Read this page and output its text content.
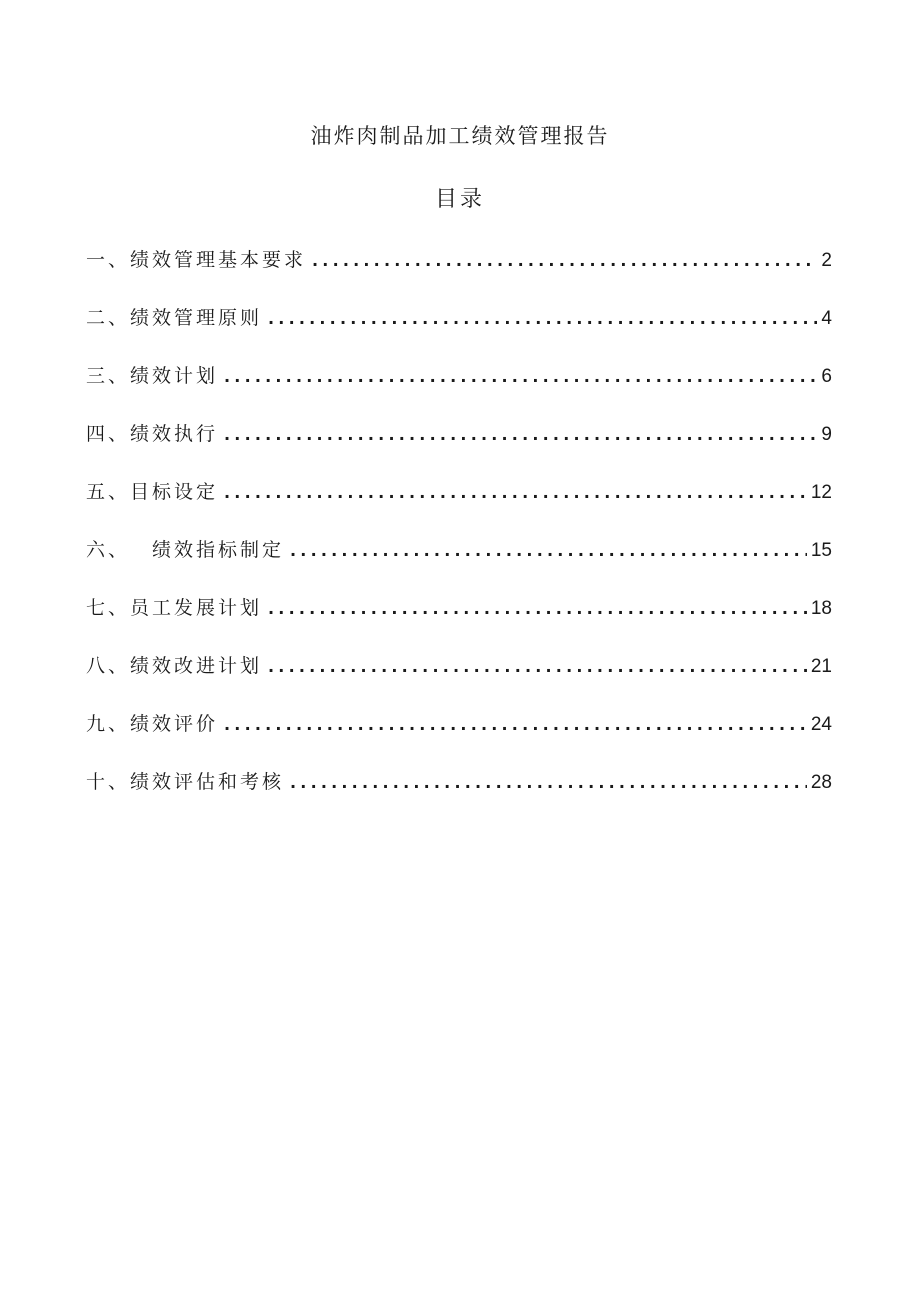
油炸肉制品加工绩效管理报告
目录
一、绩效管理基本要求 .....	2
二、绩效管理原则 .....	4
三、绩效计划 .....	6
四、绩效执行 .....	9
五、目标设定 .....	12
六、 绩效指标制定 .....	15
七、员工发展计划 .....	18
八、绩效改进计划 .....	21
九、绩效评价 .....	24
十、绩效评估和考核 .....	28
